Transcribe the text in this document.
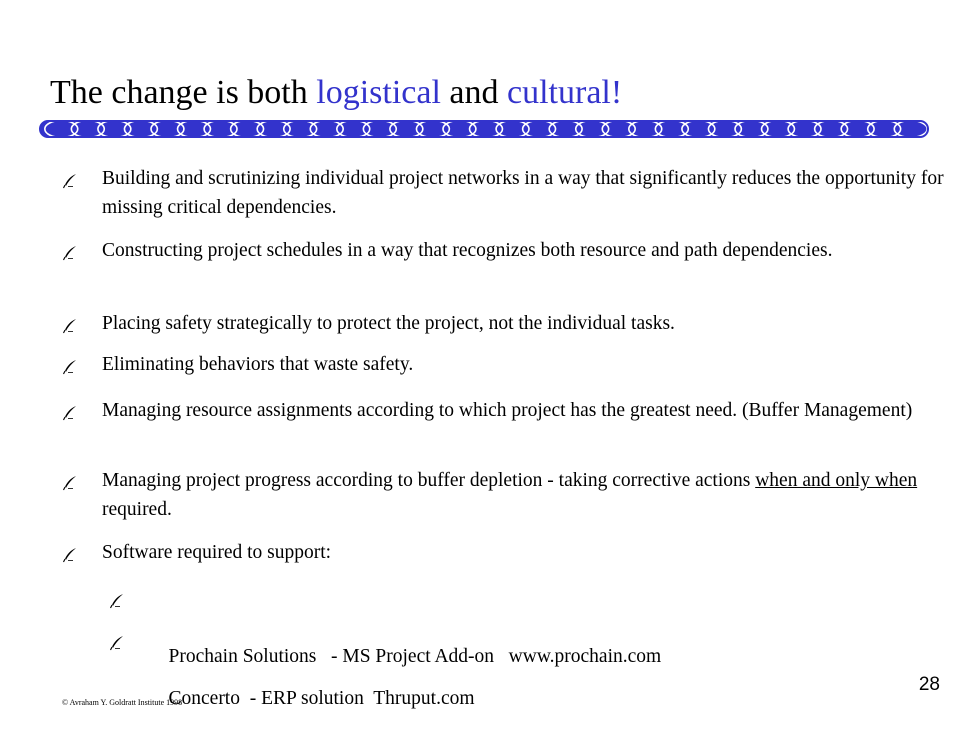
The change is both logistical and cultural!

Building and scrutinizing individual project networks in a way that significantly reduces the opportunity for missing critical dependencies.

Constructing project schedules in a way that recognizes both resource and path dependencies.

Placing safety strategically to protect the project, not the individual tasks.

Eliminating behaviors that waste safety.

Managing resource assignments according to which project has the greatest need. (Buffer Management)

Managing project progress according to buffer depletion - taking corrective actions when and only when required.

Software required to support:

Prochain Solutions   - MS Project Add-on   www.prochain.com

Concerto  - ERP solution  Thruput.com

© Avraham Y. Goldratt Institute 1998
28
